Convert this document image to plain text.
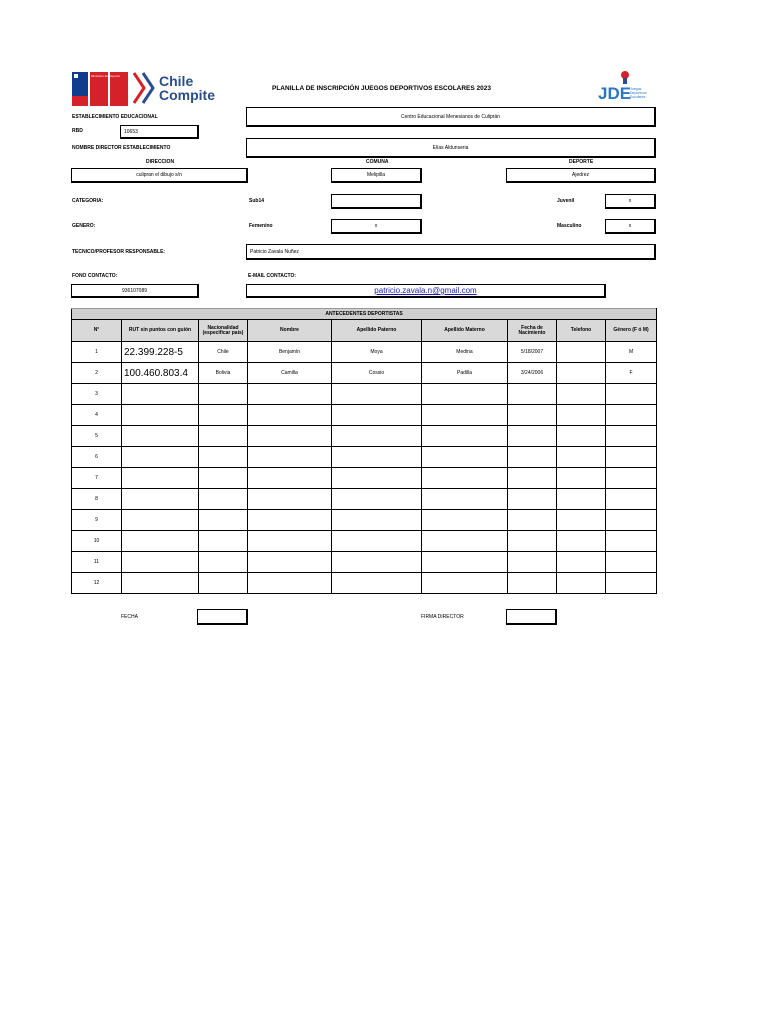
Ministerio del Deporte	Chile
Compite	PLANILLA DE INSCRIPCIÓN JUEGOS DEPORTIVOS ESCOLARES 2023	JDE
Juegos Deportivos Escolares
ESTABLECIMIENTO EDUCACIONAL	Centro Educacional Menesianos de Culiprán
RBD	10653
NOMBRE DIRECTOR ESTABLECIMIENTO	Elías Aldunseria
DIRECCION
culipran el dibujo s/n
COMUNA
Melipilla
DEPORTE
Ajedrez
CATEGORIA:	Sub14	Juvenil	x
GENERO:	Femenino	x	Masculino	x
TECNICO/PROFESOR RESPONSABLE:	Patricio Zavala Nuñez
FONO CONTACTO:
936107089
E-MAIL CONTACTO:
patricio.zavala.n@gmail.com
ANTECEDENTES DEPORTISTAS								
N°	RUT sin puntos con guión	Nacionalidad (especificar país)	Nombre	Apellido Paterno	Apellido Materno	Fecha de Nacimiento	Telefono	Género (F ó M)
1	22.399.228-5	Chile	Benjamín	Moya	Medina	5/18/2007		M
2	100.460.803.4	Bolivia	Camilla	Cossio	Padilla	3/24/2006		F
3								
4								
5								
6								
7								
8								
9								
10								
11								
12								
FECHA	FIRMA DIRECTOR
